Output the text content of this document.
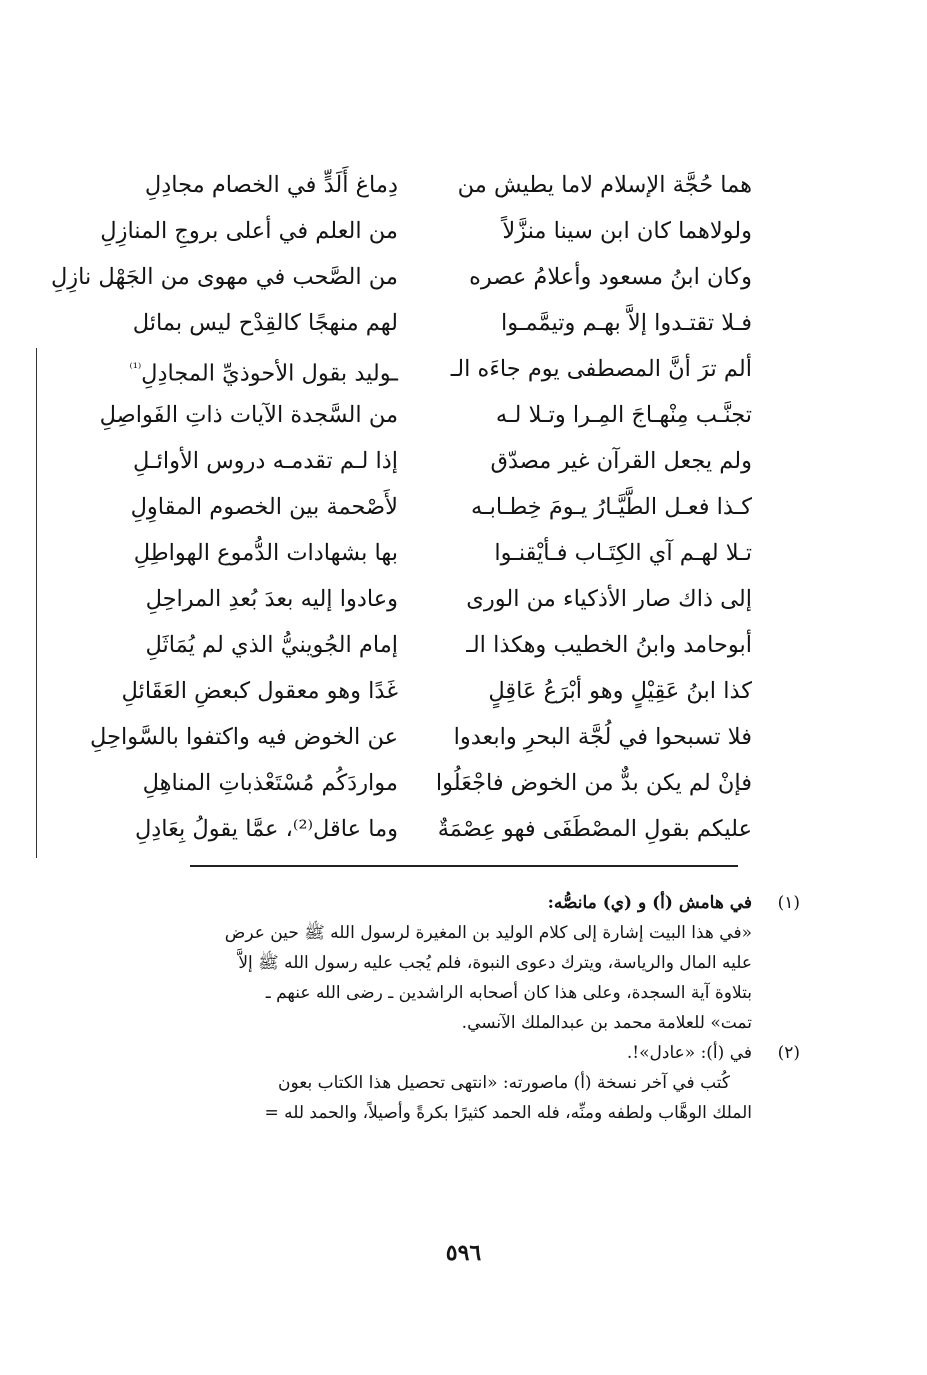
هما حُجَّة الإسلام لاما يطيش من
دِماغ أَلَدٍّ في الخصام مجادِلِ
ولولاهما كان ابن سينا منزَّلاً
من العلم في أعلى بروجِ المنازِلِ
وكان ابنُ مسعود وأعلامُ عصره
من الصَّحب في مهوى من الجَهْل نازِلِ
فـلا تقتـدوا إلاَّ بهـم وتيمَّمـوا
لهم منهجًا كالقِدْح ليس بمائل
ألم ترَ أنَّ المصطفى يوم جاءَه الـ
ـوليد بقول الأحوذيِّ المجادِلِ$^{^{(1)}}$
تجنَّـب مِنْهـاجَ المِـرا وتـلا لـه
من السَّجدة الآيات ذاتِ الفَواصِلِ
ولم يجعل القرآن غير مصدّق
إذا لـم تقدمـه دروس الأوائـلِ
كـذا فعـل الطَّيَّـارُ يـومَ خِطـابـه
لأَصْحمة بين الخصوم المقاوِلِ
تـلا لهـم آي الكِتَـاب فـأيْقنـوا
بها بشهادات الدُّموع الهواطِلِ
إلى ذاك صار الأذكياء من الورى
وعادوا إليه بعدَ بُعدِ المراحِلِ
أبوحامد وابنُ الخطيب وهكذا الـ
إمام الجُوينيُّ الذي لم يُمَاثَلِ
كذا ابنُ عَقِيْلٍ وهو أبْرَعُ عَاقِلٍ
غَدًا وهو معقول كبعضِ العَقَائلِ
فلا تسبحوا في لُجَّة البحرِ وابعدوا
عن الخوض فيه واكتفوا بالسَّواحِلِ
فإنْ لم يكن بدٌّ من الخوض فاجْعَلُوا
مواردَكُم مُسْتَعْذباتِ المناهِلِ
عليكم بقولِ المصْطَفَى فهو عِصْمَةٌ
وما عاقل⁽²⁾، عمَّا يقولُ بِعَادِلِ
(١)
في هامش (أ) و (ي) مانصُّه:
«في هذا البيت إشارة إلى كلام الوليد بن المغيرة لرسول الله ﷺ حين عرض
عليه المال والرياسة، ويترك دعوى النبوة، فلم يُجب عليه رسول الله ﷺ إلاَّ
بتلاوة آية السجدة، وعلى هذا كان أصحابه الراشدين ـ رضى الله عنهم ـ
تمت» للعلامة محمد بن عبدالملك الآنسي.
(٢)
في (أ): «عادل»!.
كُتب في آخر نسخة (أ) ماصورته: «انتهى تحصيل هذا الكتاب بعون
الملك الوهَّاب ولطفه ومنِّه، فله الحمد كثيرًا بكرةً وأصيلاً، والحمد لله =
٥٩٦
